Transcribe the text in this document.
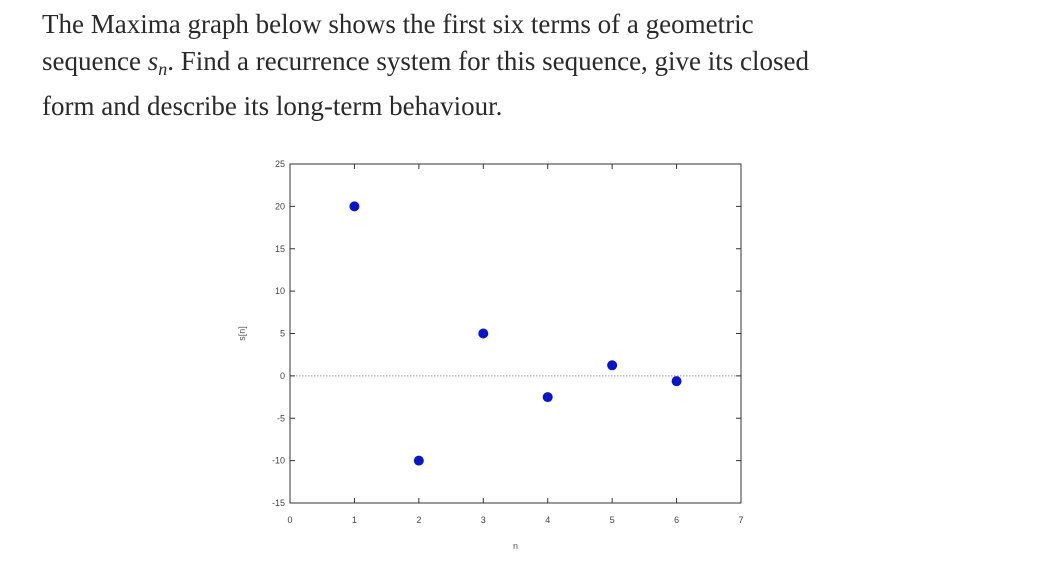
The Maxima graph below shows the first six terms of a geometric
sequence sn. Find a recurrence system for this sequence, give its closed
form and describe its long-term behaviour.
-15
-10
-5
0
5
10
15
20
25
0	1	2	3	4	5	6	7
n
s[n]
